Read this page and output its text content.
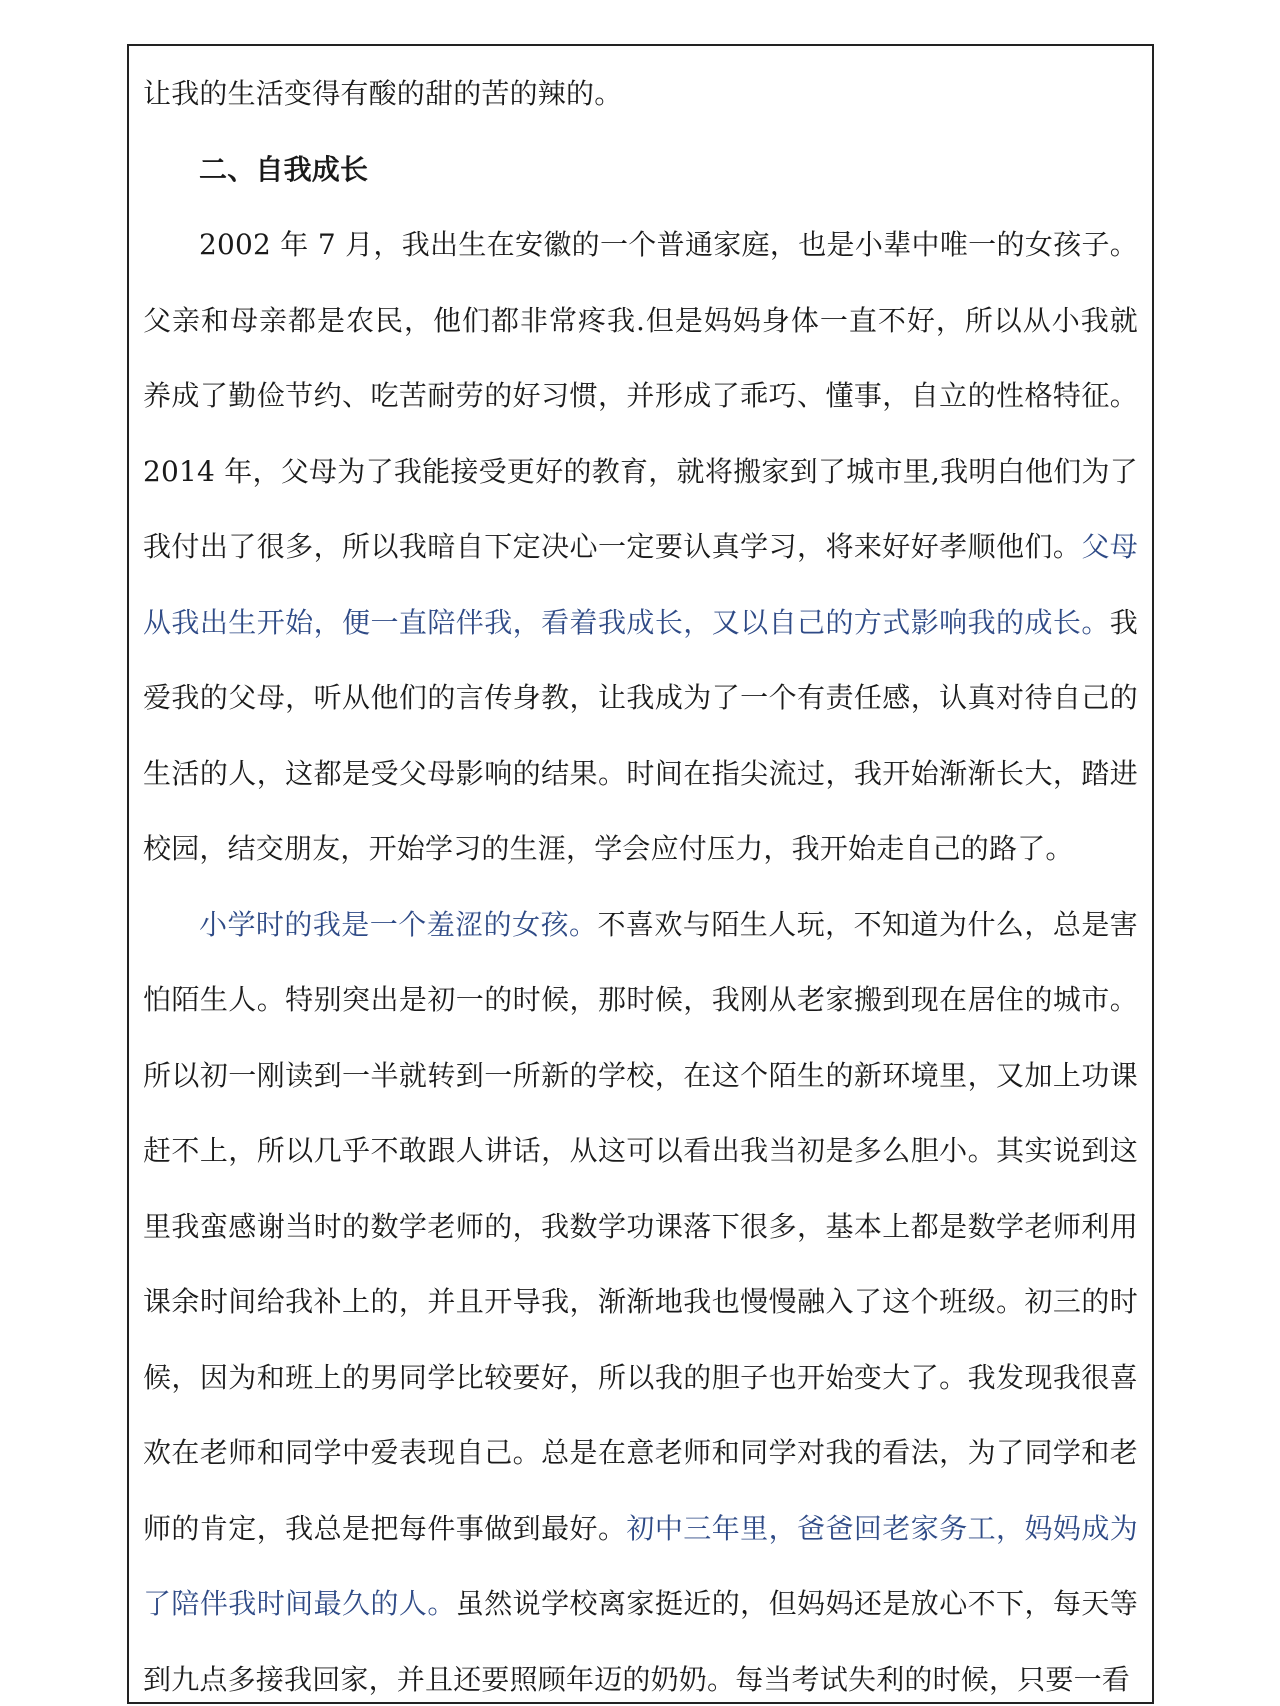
让我的生活变得有酸的甜的苦的辣的。

二、自我成长

2002 年 7 月，我出生在安徽的一个普通家庭，也是小辈中唯一的女孩子。父亲和母亲都是农民，他们都非常疼我.但是妈妈身体一直不好，所以从小我就养成了勤俭节约、吃苦耐劳的好习惯，并形成了乖巧、懂事，自立的性格特征。2014 年，父母为了我能接受更好的教育，就将搬家到了城市里,我明白他们为了我付出了很多，所以我暗自下定决心一定要认真学习，将来好好孝顺他们。父母从我出生开始，便一直陪伴我，看着我成长，又以自己的方式影响我的成长。我爱我的父母，听从他们的言传身教，让我成为了一个有责任感，认真对待自己的生活的人，这都是受父母影响的结果。时间在指尖流过，我开始渐渐长大，踏进校园，结交朋友，开始学习的生涯，学会应付压力，我开始走自己的路了。

小学时的我是一个羞涩的女孩。不喜欢与陌生人玩，不知道为什么，总是害怕陌生人。特别突出是初一的时候，那时候，我刚从老家搬到现在居住的城市。所以初一刚读到一半就转到一所新的学校，在这个陌生的新环境里，又加上功课赶不上，所以几乎不敢跟人讲话，从这可以看出我当初是多么胆小。其实说到这里我蛮感谢当时的数学老师的，我数学功课落下很多，基本上都是数学老师利用课余时间给我补上的，并且开导我，渐渐地我也慢慢融入了这个班级。初三的时候，因为和班上的男同学比较要好，所以我的胆子也开始变大了。我发现我很喜欢在老师和同学中爱表现自己。总是在意老师和同学对我的看法，为了同学和老师的肯定，我总是把每件事做到最好。初中三年里，爸爸回老家务工，妈妈成为了陪伴我时间最久的人。虽然说学校离家挺近的，但妈妈还是放心不下，每天等到九点多接我回家，并且还要照顾年迈的奶奶。每当考试失利的时候，只要一看
